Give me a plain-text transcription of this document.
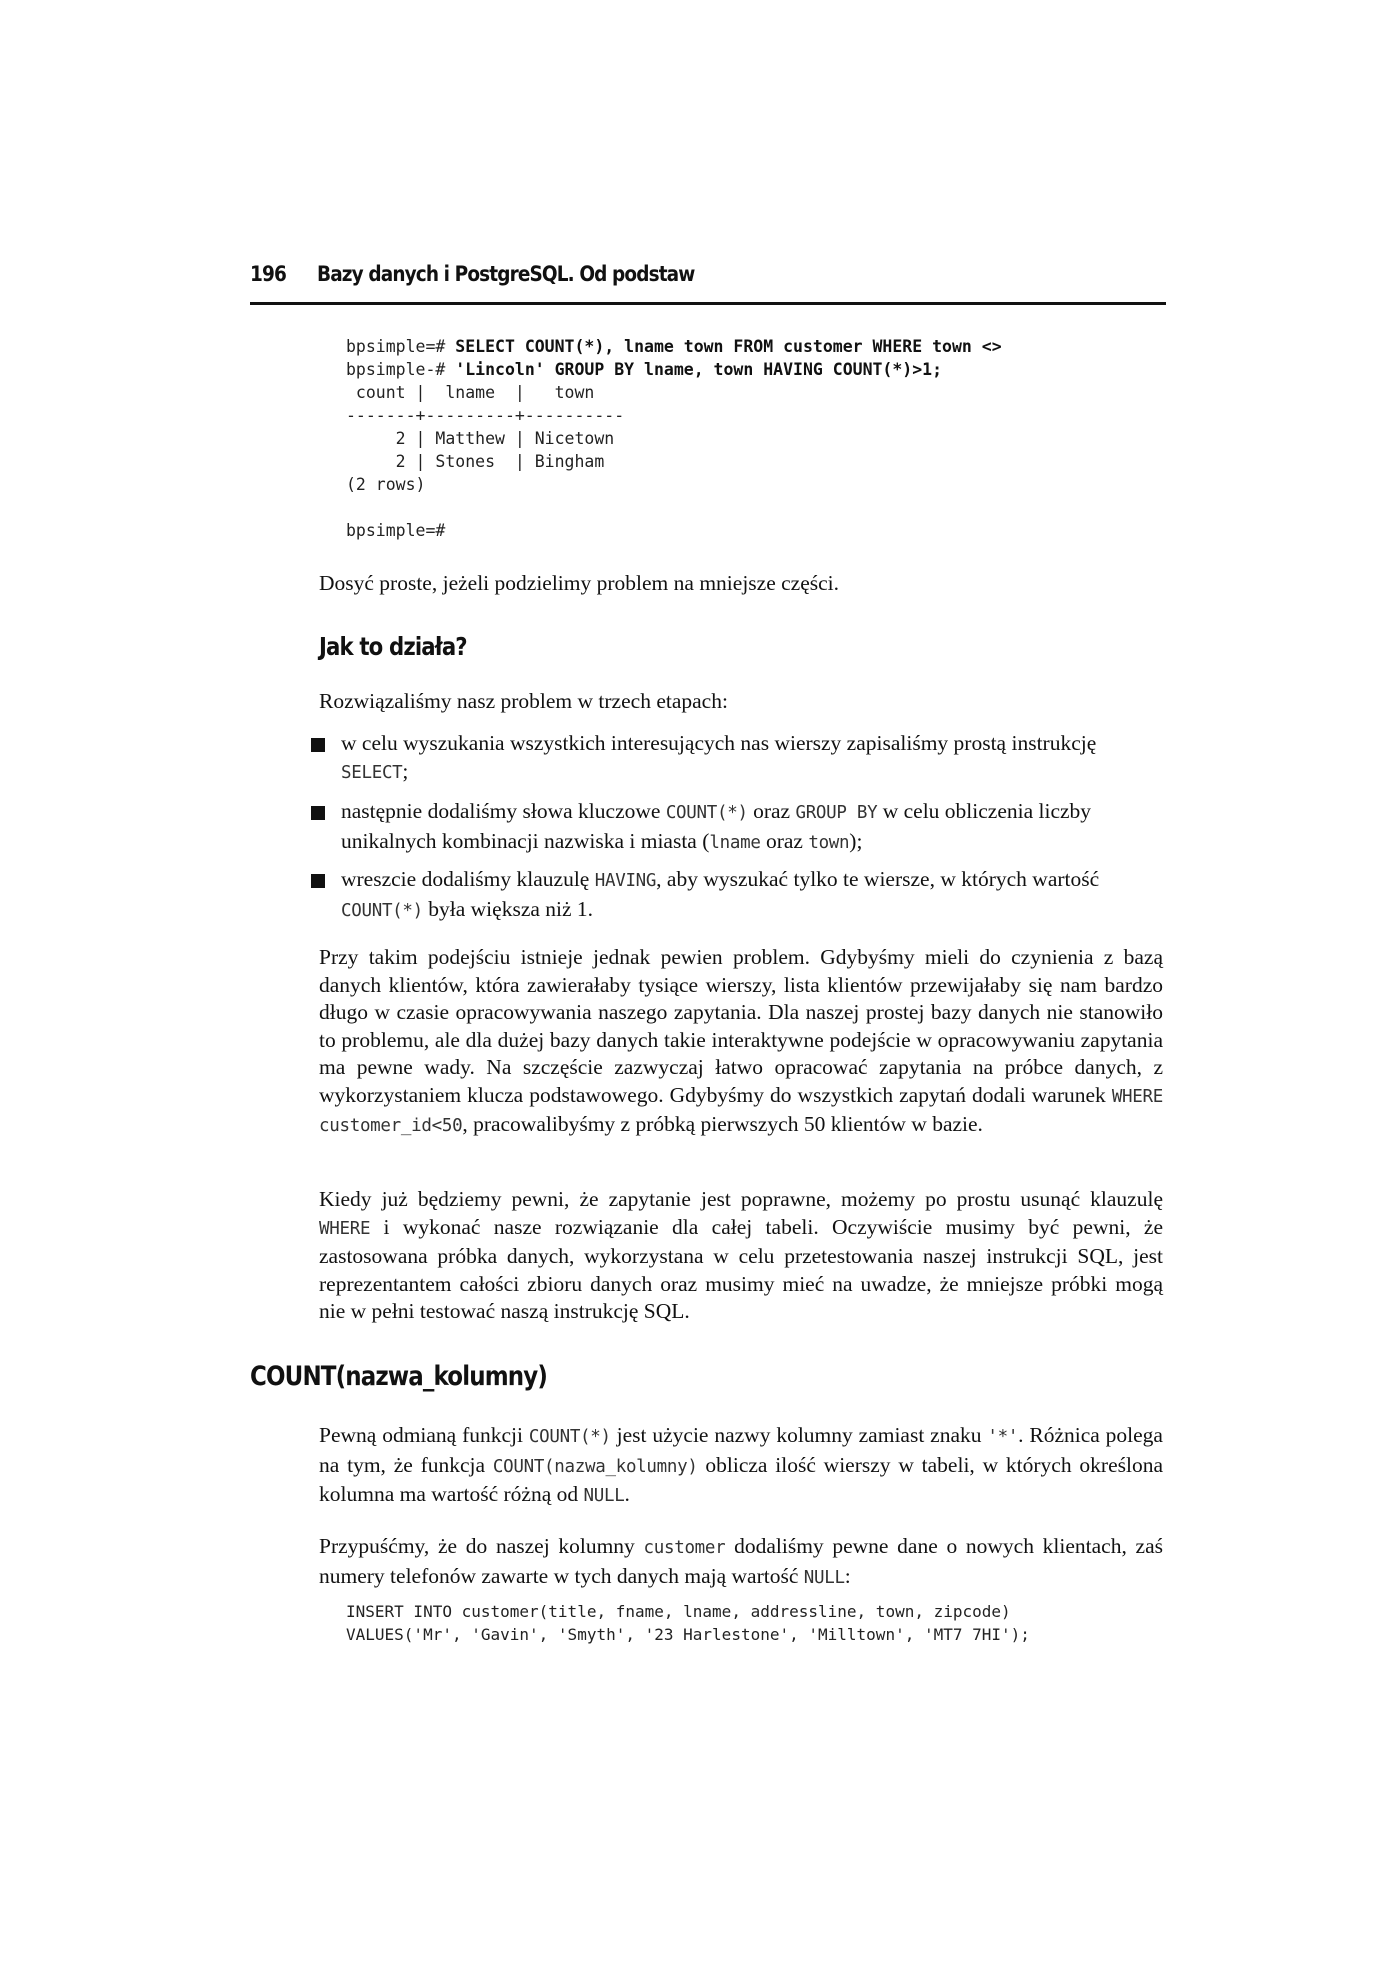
196 Bazy danych i PostgreSQL. Od podstaw
bpsimple=# SELECT COUNT(*), lname town FROM customer WHERE town <>
bpsimple-# 'Lincoln' GROUP BY lname, town HAVING COUNT(*)>1;
count |  lname  |   town
-------+---------+----------
2 | Matthew | Nicetown
2 | Stones  | Bingham
(2 rows)

bpsimple=#

Dosyć proste, jeżeli podzielimy problem na mniejsze części.

Jak to działa?

Rozwiązaliśmy nasz problem w trzech etapach:

w celu wyszukania wszystkich interesujących nas wierszy zapisaliśmy prostą instrukcję SELECT;

następnie dodaliśmy słowa kluczowe COUNT(*) oraz GROUP BY w celu obliczenia liczby unikalnych kombinacji nazwiska i miasta (lname oraz town);

wreszcie dodaliśmy klauzulę HAVING, aby wyszukać tylko te wiersze, w których wartość COUNT(*) była większa niż 1.

Przy takim podejściu istnieje jednak pewien problem. Gdybyśmy mieli do czynienia z bazą danych klientów, która zawierałaby tysiące wierszy, lista klientów przewijałaby się nam bardzo długo w czasie opracowywania naszego zapytania. Dla naszej prostej bazy danych nie stanowiło to problemu, ale dla dużej bazy danych takie interaktywne podejście w opracowywaniu zapytania ma pewne wady. Na szczęście zazwyczaj łatwo opracować zapytania na próbce danych, z wykorzystaniem klucza podstawowego. Gdybyśmy do wszystkich zapytań dodali warunek WHERE customer_id<50, pracowalibyśmy z próbką pierwszych 50 klientów w bazie.

Kiedy już będziemy pewni, że zapytanie jest poprawne, możemy po prostu usunąć klauzulę WHERE i wykonać nasze rozwiązanie dla całej tabeli. Oczywiście musimy być pewni, że zastosowana próbka danych, wykorzystana w celu przetestowania naszej instrukcji SQL, jest reprezentantem całości zbioru danych oraz musimy mieć na uwadze, że mniejsze próbki mogą nie w pełni testować naszą instrukcję SQL.

COUNT(nazwa_kolumny)

Pewną odmianą funkcji COUNT(*) jest użycie nazwy kolumny zamiast znaku '*'. Różnica polega na tym, że funkcja COUNT(nazwa_kolumny) oblicza ilość wierszy w tabeli, w których określona kolumna ma wartość różną od NULL.

Przypuśćmy, że do naszej kolumny customer dodaliśmy pewne dane o nowych klientach, zaś numery telefonów zawarte w tych danych mają wartość NULL:

INSERT INTO customer(title, fname, lname, addressline, town, zipcode)
VALUES('Mr', 'Gavin', 'Smyth', '23 Harlestone', 'Milltown', 'MT7 7HI');
